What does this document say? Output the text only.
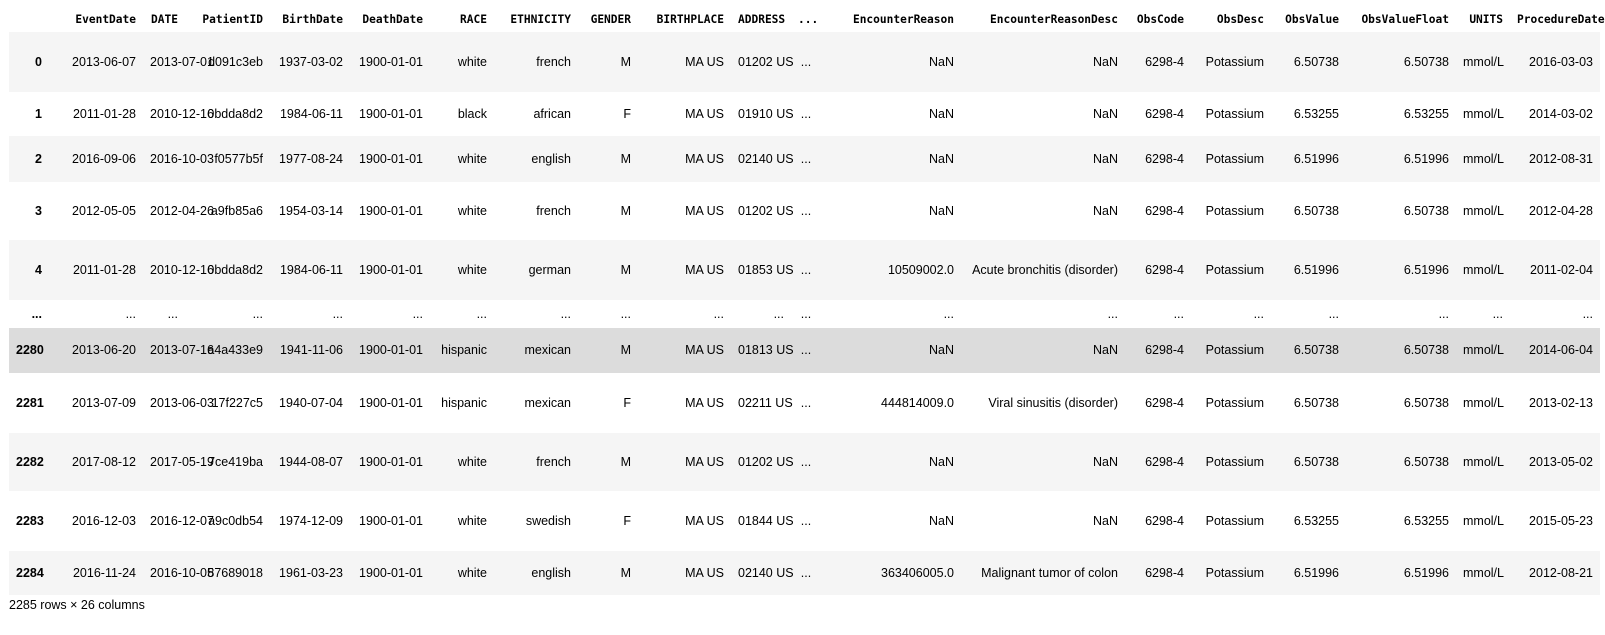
	EventDate	DATE	PatientID	BirthDate	DeathDate	RACE	ETHNICITY	GENDER	BIRTHPLACE	ADDRESS	...	EncounterReason	EncounterReasonDesc	ObsCode	ObsDesc	ObsValue	ObsValueFloat	UNITS	ProcedureDate
0	2013-06-07	2013-07-01	d091c3eb	1937-03-02	1900-01-01	white	french	M	MA US	01202 US	...	NaN	NaN	6298-4	Potassium	6.50738	6.50738	mmol/L	2016-03-03
1	2011-01-28	2010-12-16	0bdda8d2	1984-06-11	1900-01-01	black	african	F	MA US	01910 US	...	NaN	NaN	6298-4	Potassium	6.53255	6.53255	mmol/L	2014-03-02
2	2016-09-06	2016-10-03	f0577b5f	1977-08-24	1900-01-01	white	english	M	MA US	02140 US	...	NaN	NaN	6298-4	Potassium	6.51996	6.51996	mmol/L	2012-08-31
3	2012-05-05	2012-04-26	a9fb85a6	1954-03-14	1900-01-01	white	french	M	MA US	01202 US	...	NaN	NaN	6298-4	Potassium	6.50738	6.50738	mmol/L	2012-04-28
4	2011-01-28	2010-12-16	0bdda8d2	1984-06-11	1900-01-01	white	german	M	MA US	01853 US	...	10509002.0	Acute bronchitis (disorder)	6298-4	Potassium	6.51996	6.51996	mmol/L	2011-02-04
...	...	...	...	...	...	...	...	...	...	...	...	...	...	...	...	...	...	...	...
2280	2013-06-20	2013-07-16	a4a433e9	1941-11-06	1900-01-01	hispanic	mexican	M	MA US	01813 US	...	NaN	NaN	6298-4	Potassium	6.50738	6.50738	mmol/L	2014-06-04
2281	2013-07-09	2013-06-03	17f227c5	1940-07-04	1900-01-01	hispanic	mexican	F	MA US	02211 US	...	444814009.0	Viral sinusitis (disorder)	6298-4	Potassium	6.50738	6.50738	mmol/L	2013-02-13
2282	2017-08-12	2017-05-19	7ce419ba	1944-08-07	1900-01-01	white	french	M	MA US	01202 US	...	NaN	NaN	6298-4	Potassium	6.50738	6.50738	mmol/L	2013-05-02
2283	2016-12-03	2016-12-07	a9c0db54	1974-12-09	1900-01-01	white	swedish	F	MA US	01844 US	...	NaN	NaN	6298-4	Potassium	6.53255	6.53255	mmol/L	2015-05-23
2284	2016-11-24	2016-10-05	87689018	1961-03-23	1900-01-01	white	english	M	MA US	02140 US	...	363406005.0	Malignant tumor of colon	6298-4	Potassium	6.51996	6.51996	mmol/L	2012-08-21
2285 rows × 26 columns
